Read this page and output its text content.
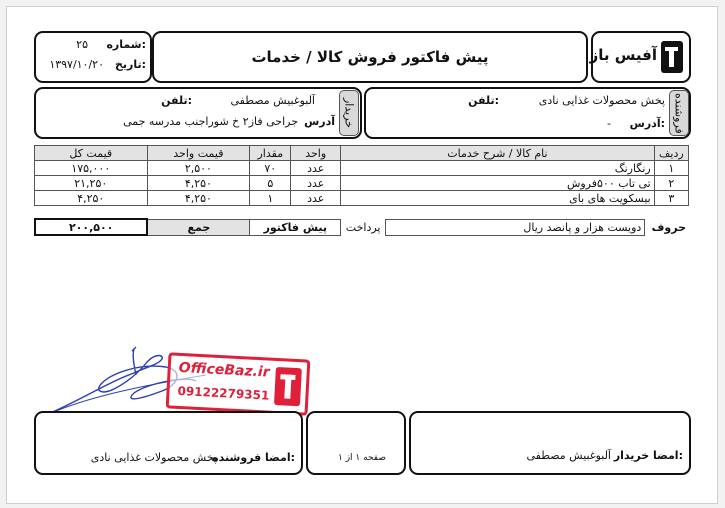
شماره:
۲۵
تاریخ:
۱۳۹۷/۱۰/۲۰	پیش فاکتور فروش کالا / خدمات	آفیس باز
تلفن:	آلبوغبیش مصطفی
آدرس
جراحی فاز۲ خ شوراجنب مدرسه جمی	خریدار	تلفن:	پخش محصولات غذایی نادی
آدرس:
-	فروشنده
ردیف	نام کالا / شرح خدمات	واحد	مقدار	قیمت واحد	قیمت کل
۱	رنگارنگ	عدد	۷۰	۲,۵۰۰	۱۷۵,۰۰۰
۲	تی تاب ۵۰۰فروش	عدد	۵	۴,۲۵۰	۲۱,۲۵۰
۳	بیسکویت های بای	عدد	۱	۴,۲۵۰	۴,۲۵۰
حروف	دویست هزار و پانصد ریال	پرداخت	پیش فاکتور	جمع	۲۰۰,۵۰۰
OfficeBaz.ir
09122279351
امضا فروشنده:
پخش محصولات غذایی نادی	صفحه ۱ از ۱	امضا خریدار:
آلبوغبیش مصطفی
